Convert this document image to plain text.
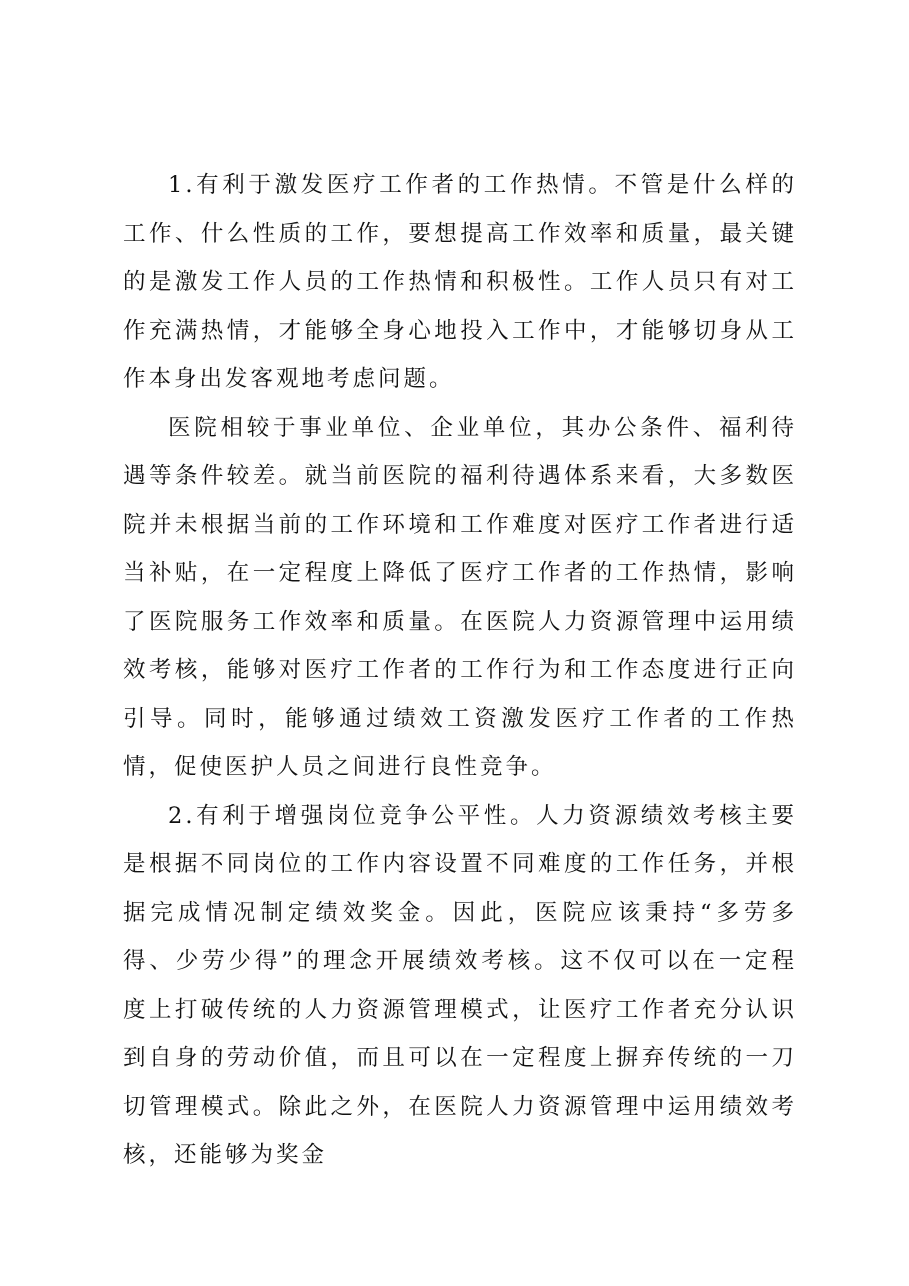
1.有利于激发医疗工作者的工作热情。不管是什么样的工作、什么性质的工作，要想提高工作效率和质量，最关键的是激发工作人员的工作热情和积极性。工作人员只有对工作充满热情，才能够全身心地投入工作中，才能够切身从工作本身出发客观地考虑问题。

医院相较于事业单位、企业单位，其办公条件、福利待遇等条件较差。就当前医院的福利待遇体系来看，大多数医院并未根据当前的工作环境和工作难度对医疗工作者进行适当补贴，在一定程度上降低了医疗工作者的工作热情，影响了医院服务工作效率和质量。在医院人力资源管理中运用绩效考核，能够对医疗工作者的工作行为和工作态度进行正向引导。同时，能够通过绩效工资激发医疗工作者的工作热情，促使医护人员之间进行良性竞争。

2.有利于增强岗位竞争公平性。人力资源绩效考核主要是根据不同岗位的工作内容设置不同难度的工作任务，并根据完成情况制定绩效奖金。因此，医院应该秉持“多劳多得、少劳少得”的理念开展绩效考核。这不仅可以在一定程度上打破传统的人力资源管理模式，让医疗工作者充分认识到自身的劳动价值，而且可以在一定程度上摒弃传统的一刀切管理模式。除此之外，在医院人力资源管理中运用绩效考核，还能够为奖金
